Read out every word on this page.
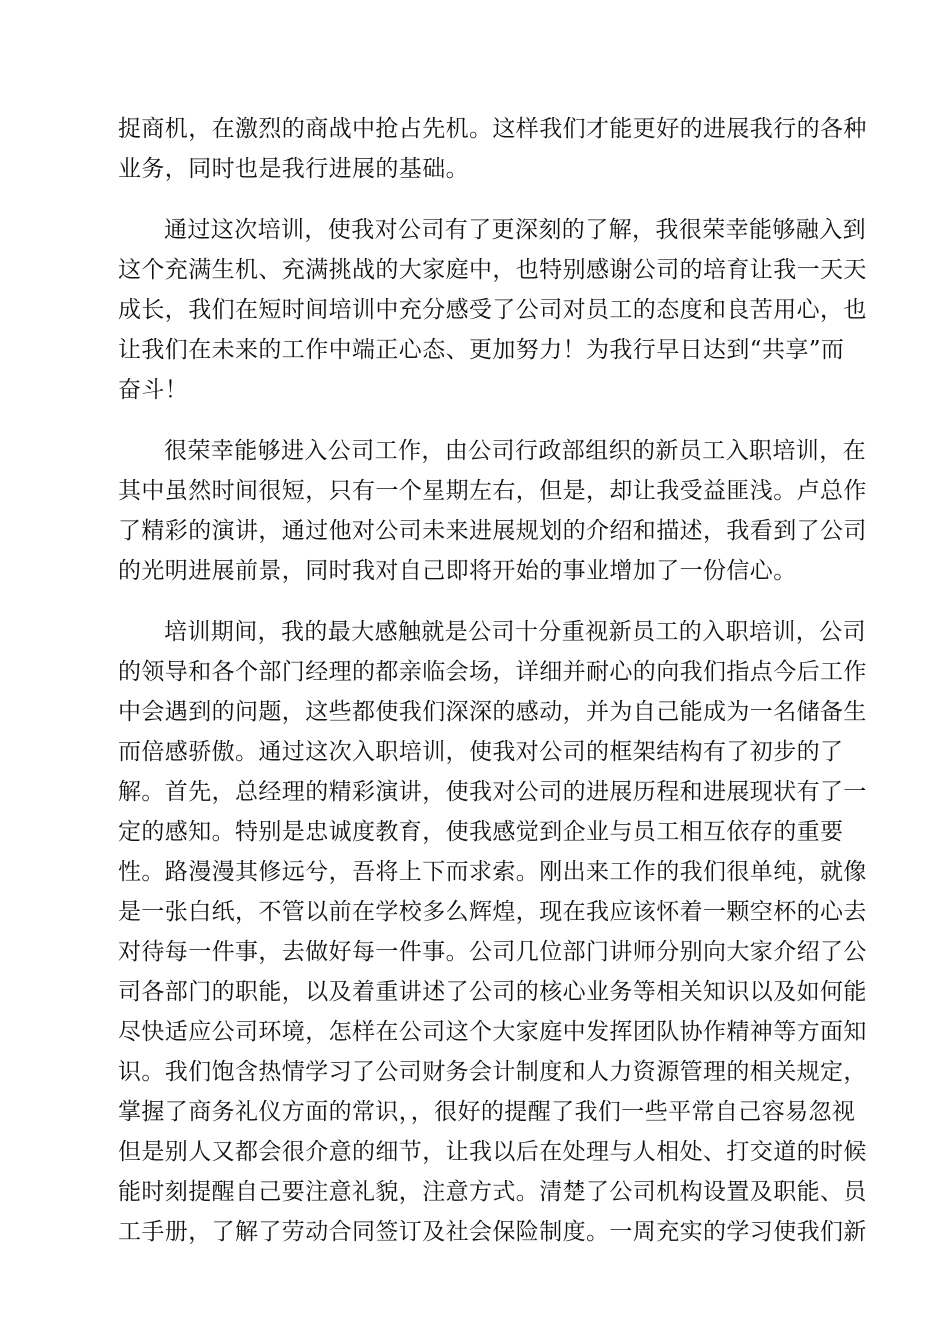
捉商机，在激烈的商战中抢占先机。这样我们才能更好的进展我行的各种
业务，同时也是我行进展的基础。

通过这次培训，使我对公司有了更深刻的了解，我很荣幸能够融入到
这个充满生机、充满挑战的大家庭中，也特别感谢公司的培育让我一天天
成长，我们在短时间培训中充分感受了公司对员工的态度和良苦用心，也
让我们在未来的工作中端正心态、更加努力！为我行早日达到“共享”而
奋斗！

很荣幸能够进入公司工作，由公司行政部组织的新员工入职培训，在
其中虽然时间很短，只有一个星期左右，但是，却让我受益匪浅。卢总作
了精彩的演讲，通过他对公司未来进展规划的介绍和描述，我看到了公司
的光明进展前景，同时我对自己即将开始的事业增加了一份信心。

培训期间，我的最大感触就是公司十分重视新员工的入职培训，公司
的领导和各个部门经理的都亲临会场，详细并耐心的向我们指点今后工作
中会遇到的问题，这些都使我们深深的感动，并为自己能成为一名储备生
而倍感骄傲。通过这次入职培训，使我对公司的框架结构有了初步的了
解。首先，总经理的精彩演讲，使我对公司的进展历程和进展现状有了一
定的感知。特别是忠诚度教育，使我感觉到企业与员工相互依存的重要
性。路漫漫其修远兮，吾将上下而求索。刚出来工作的我们很单纯，就像
是一张白纸，不管以前在学校多么辉煌，现在我应该怀着一颗空杯的心去
对待每一件事，去做好每一件事。公司几位部门讲师分别向大家介绍了公
司各部门的职能，以及着重讲述了公司的核心业务等相关知识以及如何能
尽快适应公司环境，怎样在公司这个大家庭中发挥团队协作精神等方面知
识。我们饱含热情学习了公司财务会计制度和人力资源管理的相关规定，
掌握了商务礼仪方面的常识，，很好的提醒了我们一些平常自己容易忽视
但是别人又都会很介意的细节，让我以后在处理与人相处、打交道的时候
能时刻提醒自己要注意礼貌，注意方式。清楚了公司机构设置及职能、员
工手册，了解了劳动合同签订及社会保险制度。一周充实的学习使我们新
